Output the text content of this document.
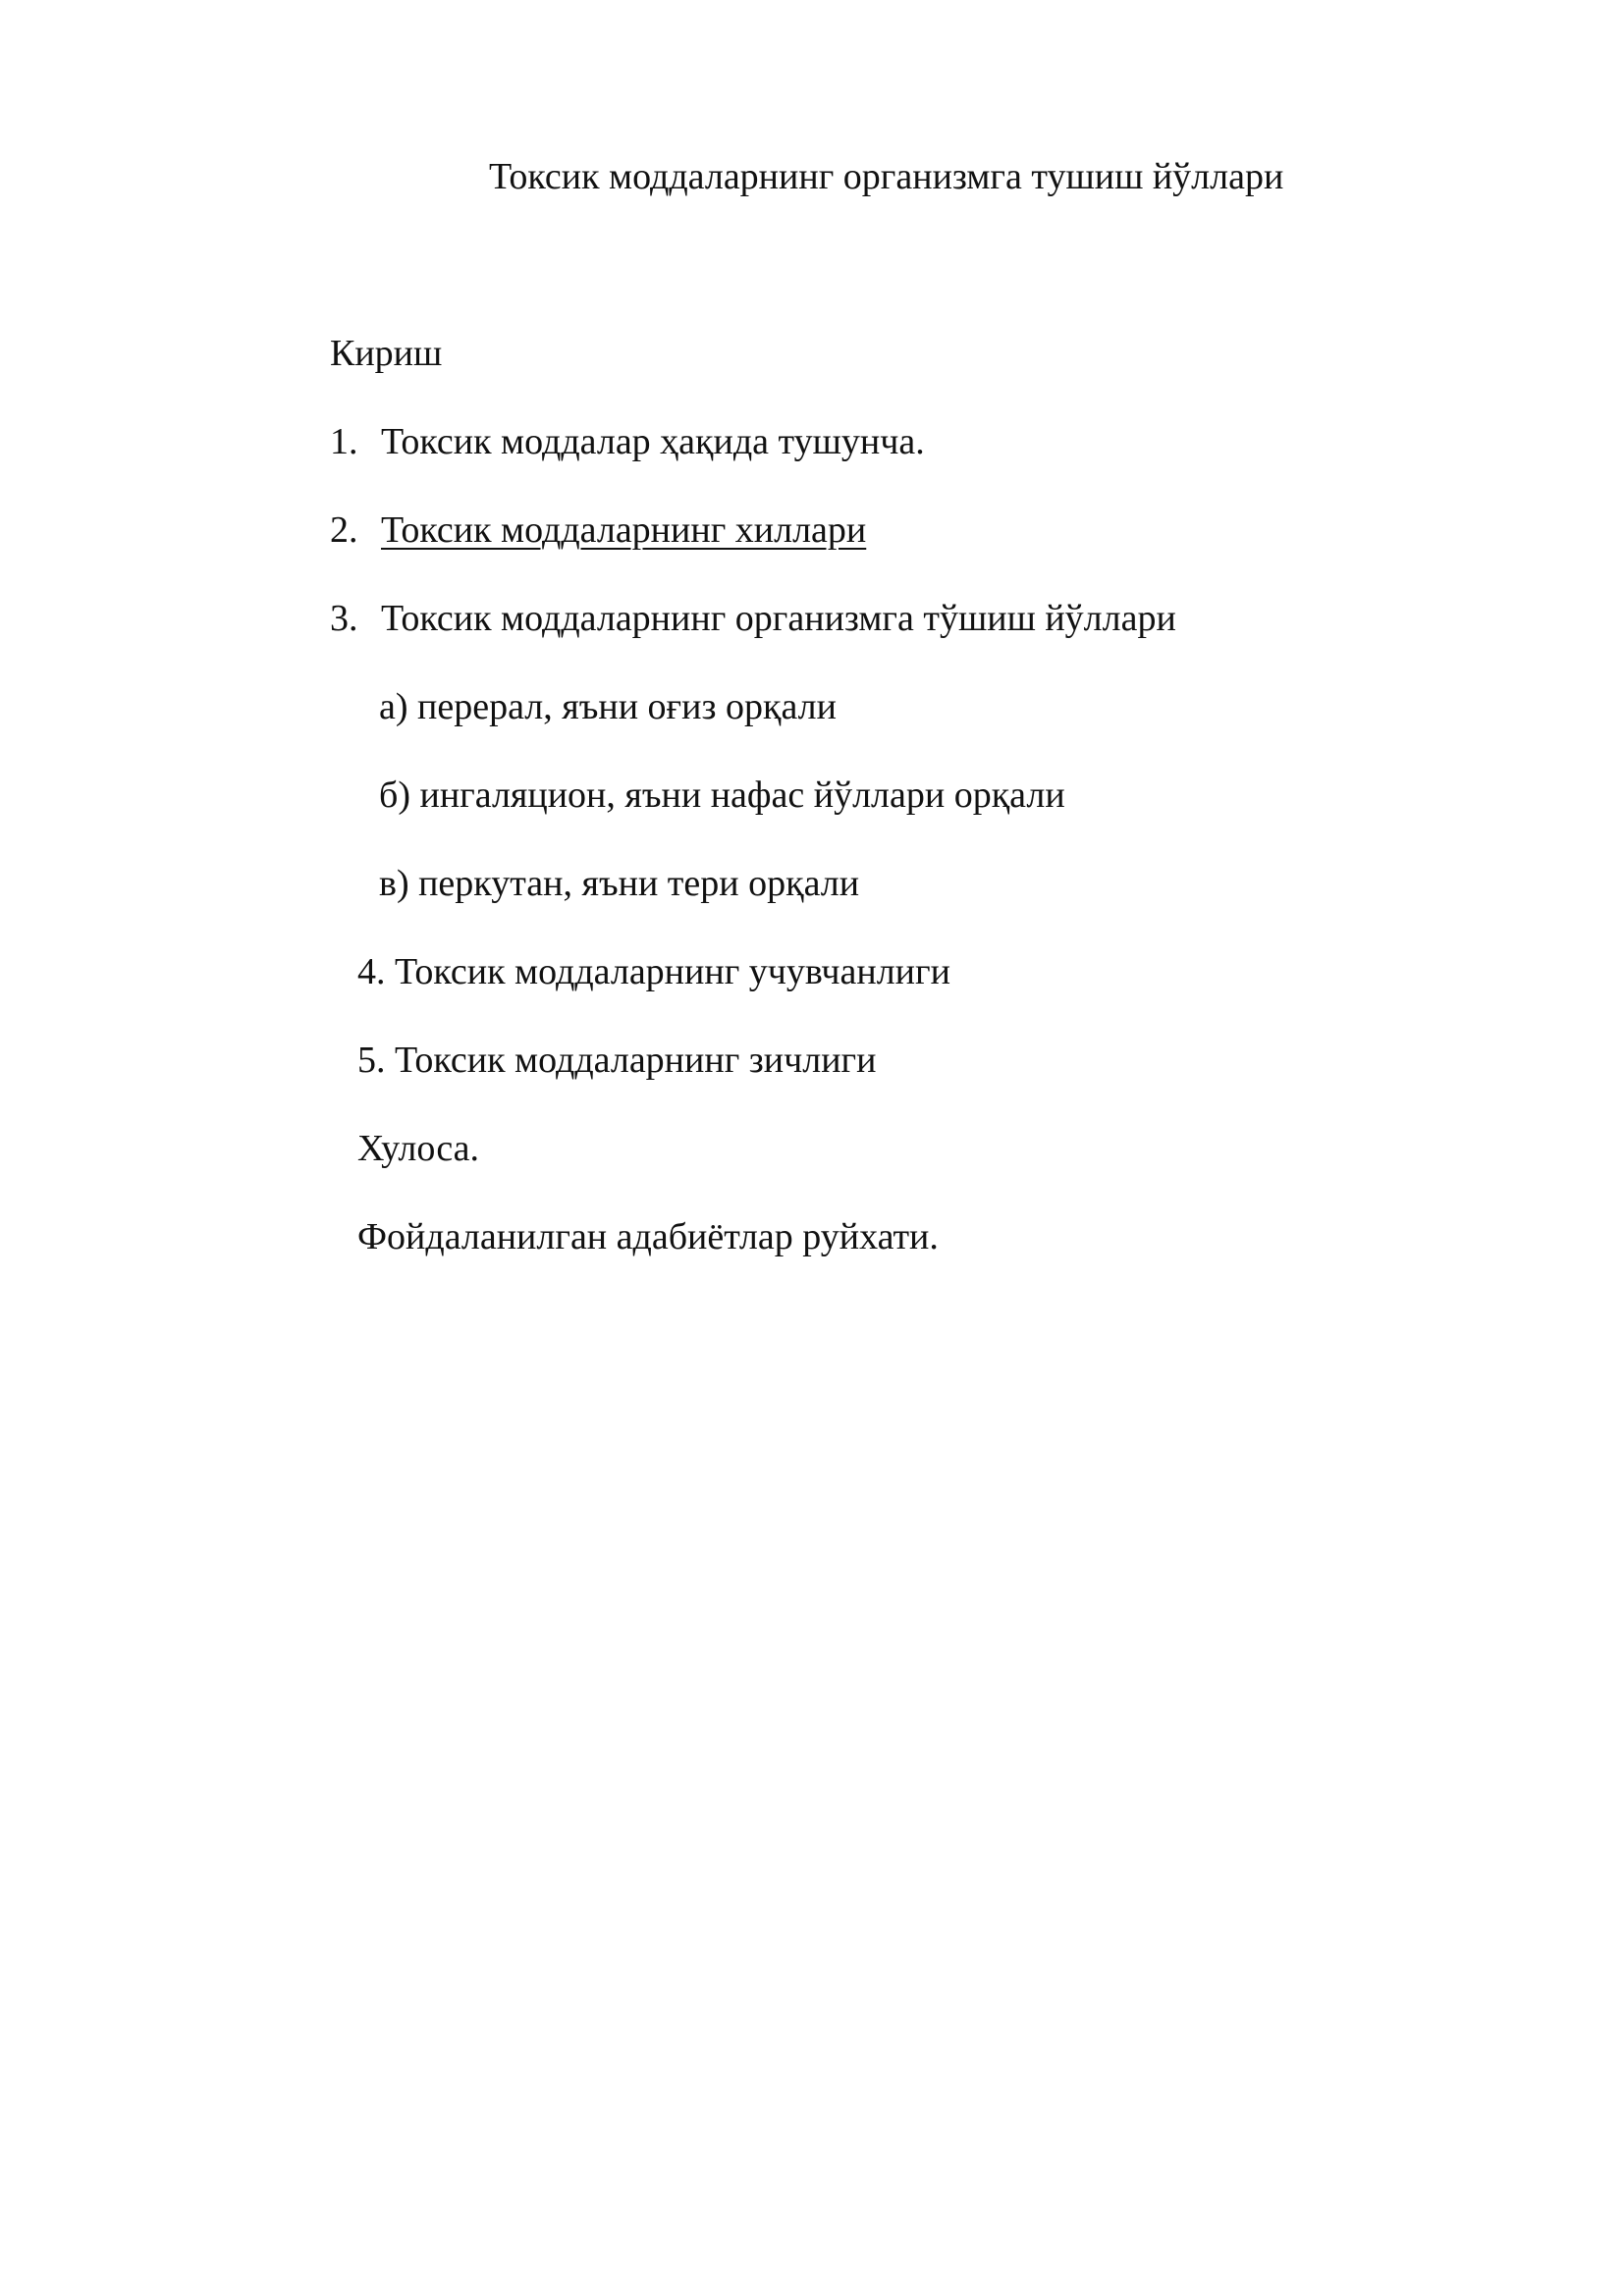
Токсик моддаларнинг организмга тушиш йўллари
Кириш
1. Токсик моддалар ҳақида тушунча.
2. Токсик моддаларнинг хиллари
3. Токсик моддаларнинг организмга тўшиш йўллари
а) перерал, яъни оғиз орқали
б) ингаляцион, яъни нафас йўллари орқали
в) перкутан, яъни тери орқали
4. Токсик моддаларнинг учувчанлиги
5. Токсик моддаларнинг зичлиги
Хулоса.
Фойдаланилган адабиётлар руйхати.
